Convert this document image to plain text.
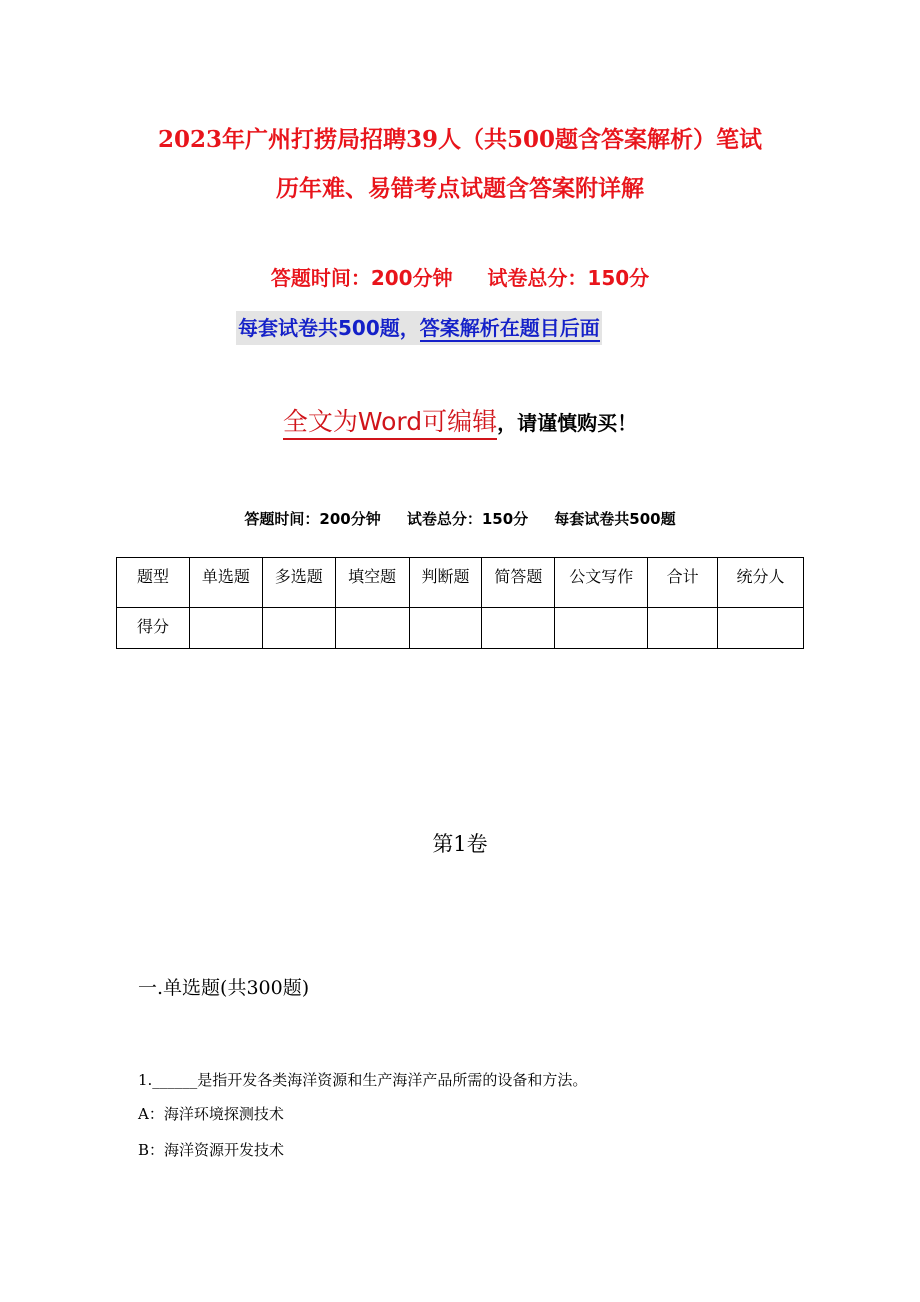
2023年广州打捞局招聘39人（共500题含答案解析）笔试
历年难、易错考点试题含答案附详解
答题时间：200分钟 试卷总分：150分
每套试卷共500题，答案解析在题目后面
全文为Word可编辑，请谨慎购买！
答题时间：200分钟 试卷总分：150分 每套试卷共500题
题型	单选题	多选题	填空题	判断题	简答题	公文写作	合计	统分人
得分								
第1卷
一.单选题(共300题)
1.______是指开发各类海洋资源和生产海洋产品所需的设备和方法。
A：海洋环境探测技术
B：海洋资源开发技术
